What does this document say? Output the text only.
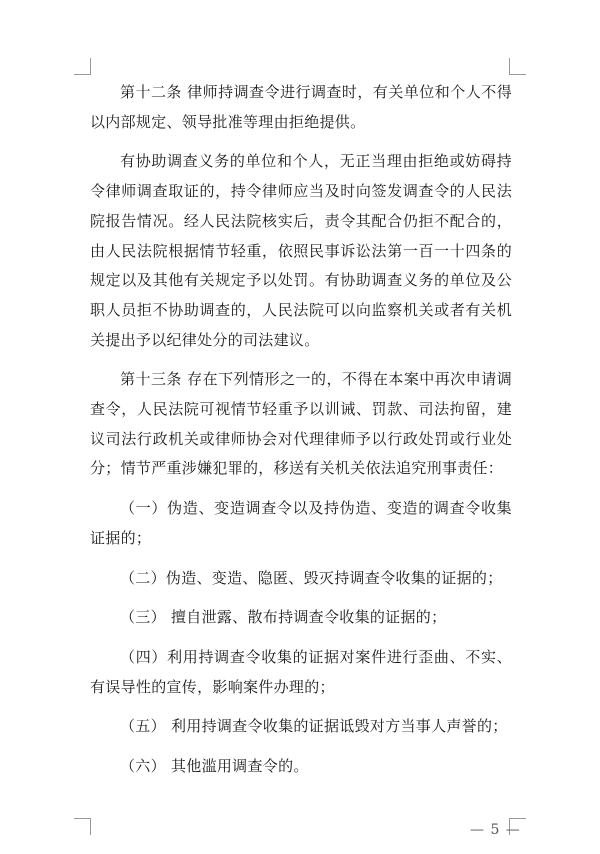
第十二条 律师持调查令进行调查时，有关单位和个人不得以内部规定、领导批准等理由拒绝提供。

有协助调查义务的单位和个人，无正当理由拒绝或妨碍持令律师调查取证的，持令律师应当及时向签发调查令的人民法院报告情况。经人民法院核实后，责令其配合仍拒不配合的，由人民法院根据情节轻重，依照民事诉讼法第一百一十四条的规定以及其他有关规定予以处罚。有协助调查义务的单位及公职人员拒不协助调查的，人民法院可以向监察机关或者有关机关提出予以纪律处分的司法建议。

第十三条 存在下列情形之一的，不得在本案中再次申请调查令，人民法院可视情节轻重予以训诫、罚款、司法拘留，建议司法行政机关或律师协会对代理律师予以行政处罚或行业处分；情节严重涉嫌犯罪的，移送有关机关依法追究刑事责任：

（一）伪造、变造调查令以及持伪造、变造的调查令收集证据的；

（二）伪造、变造、隐匿、毁灭持调查令收集的证据的；

（三） 擅自泄露、散布持调查令收集的证据的；

（四）利用持调查令收集的证据对案件进行歪曲、不实、有误导性的宣传，影响案件办理的；

（五） 利用持调查令收集的证据诋毁对方当事人声誉的；

（六） 其他滥用调查令的。

— 5 —
